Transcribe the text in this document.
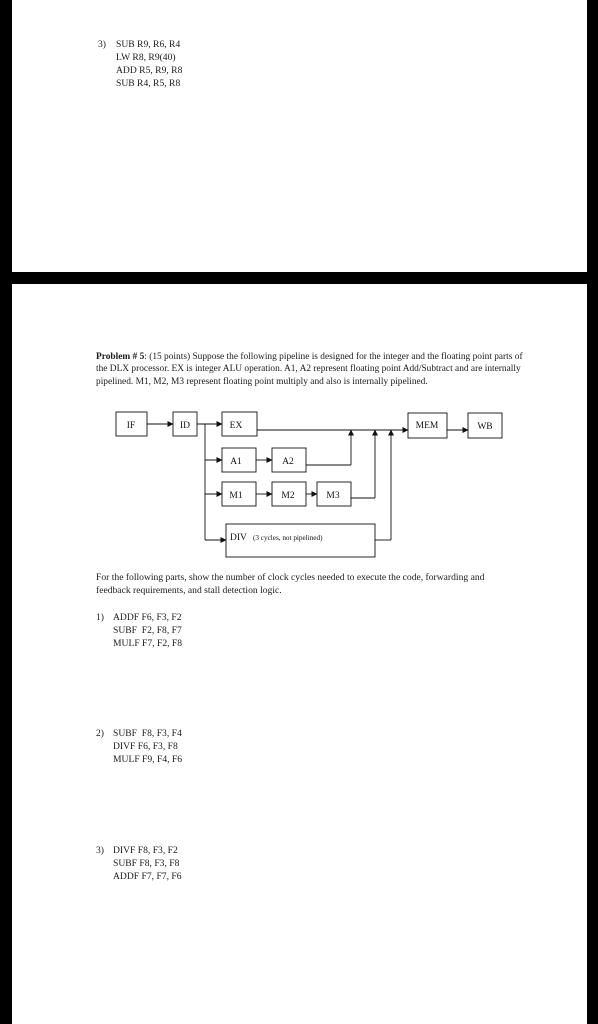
3) SUB R9, R6, R4
LW R8, R9(40)
ADD R5, R9, R8
SUB R4, R5, R8
Problem # 5: (15 points) Suppose the following pipeline is designed for the integer and the floating point parts of the DLX processor. EX is integer ALU operation. A1, A2 represent floating point Add/Subtract and are internally pipelined. M1, M2, M3 represent floating point multiply and also is internally pipelined.
IF	ID	EX	MEM	WB
A1	A2
M1	M2	M3
DIV (3 cycles, not pipelined)
For the following parts, show the number of clock cycles needed to execute the code, forwarding and feedback requirements, and stall detection logic.
1) ADDF F6, F3, F2
SUBF  F2, F8, F7
MULF F7, F2, F8
2) SUBF  F8, F3, F4
DIVF F6, F3, F8
MULF F9, F4, F6
3) DIVF F8, F3, F2
SUBF F8, F3, F8
ADDF F7, F7, F6
